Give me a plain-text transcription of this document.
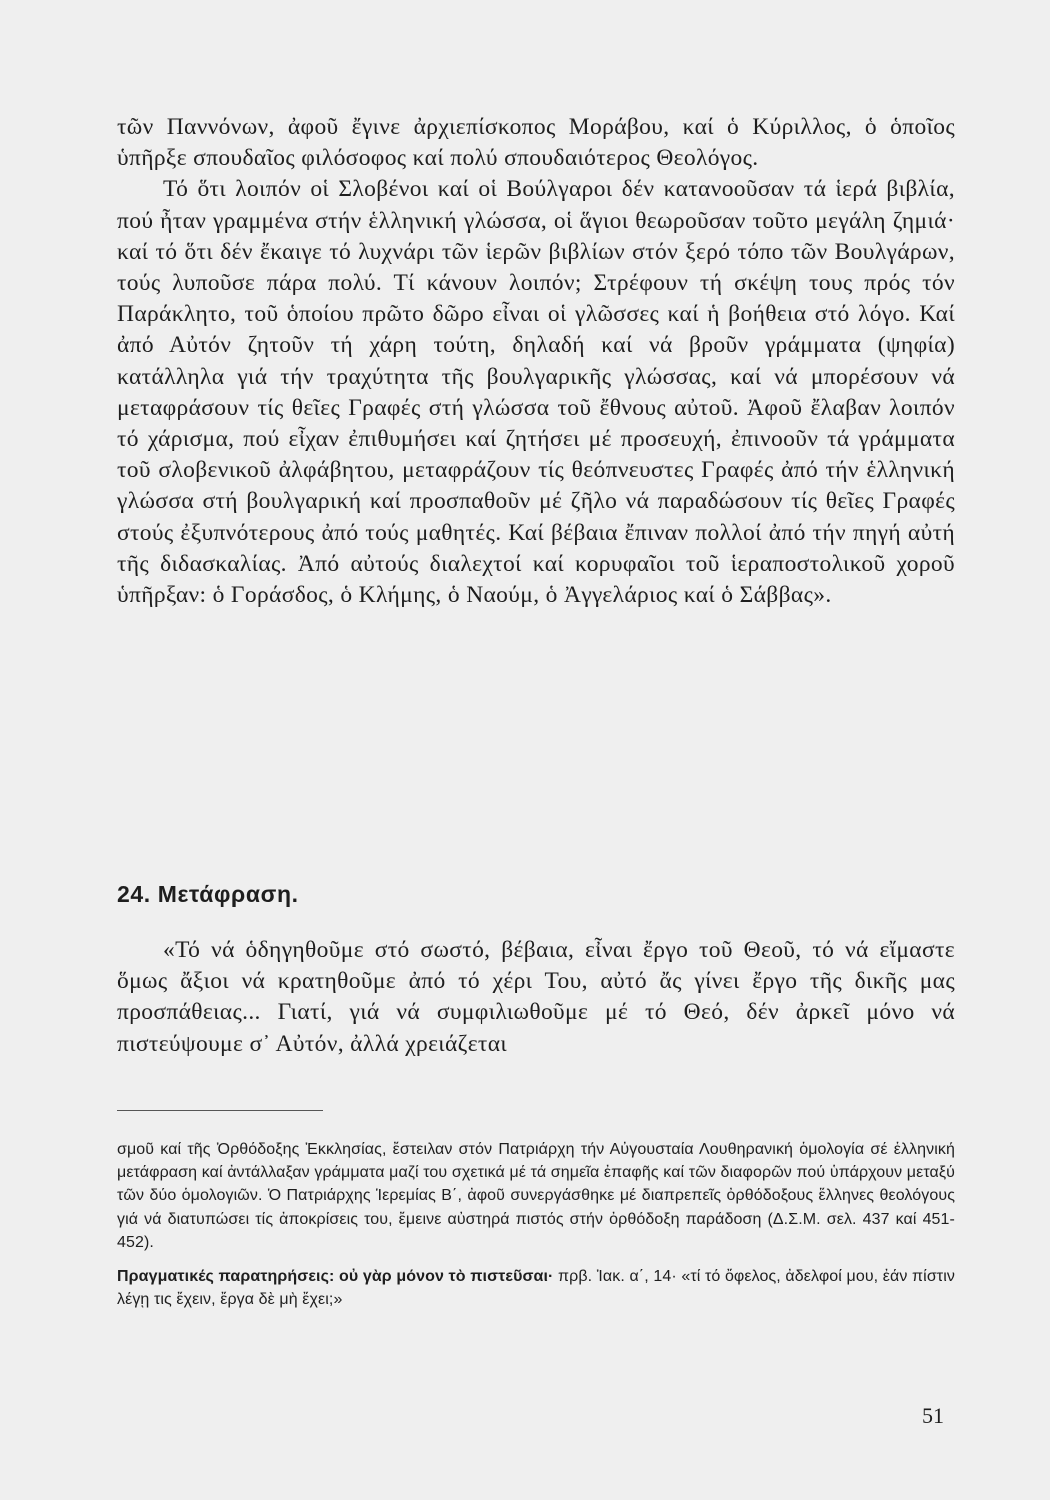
τῶν Παννόνων, ἀφοῦ ἔγινε ἀρχιεπίσκοπος Μοράβου, καί ὁ Κύριλλος, ὁ ὁποῖος ὑπῆρξε σπουδαῖος φιλόσοφος καί πολύ σπουδαιότερος Θεολόγος.

Τό ὅτι λοιπόν οἱ Σλοβένοι καί οἱ Βούλγαροι δέν κατανοοῦσαν τά ἱερά βιβλία, πού ἦταν γραμμένα στήν ἑλληνική γλώσσα, οἱ ἅγιοι θεωροῦσαν τοῦτο μεγάλη ζημιά· καί τό ὅτι δέν ἔκαιγε τό λυχνάρι τῶν ἱερῶν βιβλίων στόν ξερό τόπο τῶν Βουλγάρων, τούς λυποῦσε πάρα πολύ. Τί κάνουν λοιπόν; Στρέφουν τή σκέψη τους πρός τόν Παράκλητο, τοῦ ὁποίου πρῶτο δῶρο εἶναι οἱ γλῶσσες καί ἡ βοήθεια στό λόγο. Καί ἀπό Αὐτόν ζητοῦν τή χάρη τούτη, δηλαδή καί νά βροῦν γράμματα (ψηφία) κατάλληλα γιά τήν τραχύτητα τῆς βουλγαρικῆς γλώσσας, καί νά μπορέσουν νά μεταφράσουν τίς θεῖες Γραφές στή γλώσσα τοῦ ἔθνους αὐτοῦ. Ἀφοῦ ἔλαβαν λοιπόν τό χάρισμα, πού εἶχαν ἐπιθυμήσει καί ζητήσει μέ προσευχή, ἐπινοοῦν τά γράμματα τοῦ σλοβενικοῦ ἀλφάβητου, μεταφράζουν τίς θεόπνευστες Γραφές ἀπό τήν ἑλληνική γλώσσα στή βουλγαρική καί προσπαθοῦν μέ ζῆλο νά παραδώσουν τίς θεῖες Γραφές στούς ἐξυπνότερους ἀπό τούς μαθητές. Καί βέβαια ἔπιναν πολλοί ἀπό τήν πηγή αὐτή τῆς διδασκαλίας. Ἀπό αὐτούς διαλεχτοί καί κορυφαῖοι τοῦ ἱεραποστολικοῦ χοροῦ ὑπῆρξαν: ὁ Γοράσδος, ὁ Κλήμης, ὁ Ναούμ, ὁ Ἀγγελάριος καί ὁ Σάββας».

24. Μετάφραση.

«Τό νά ὁδηγηθοῦμε στό σωστό, βέβαια, εἶναι ἔργο τοῦ Θεοῦ, τό νά εἴμαστε ὅμως ἄξιοι νά κρατηθοῦμε ἀπό τό χέρι Του, αὐτό ἄς γίνει ἔργο τῆς δικῆς μας προσπάθειας... Γιατί, γιά νά συμφιλιωθοῦμε μέ τό Θεό, δέν ἀρκεῖ μόνο νά πιστεύψουμε σ᾿ Αὐτόν, ἀλλά χρειάζεται

σμοῦ καί τῆς Ὀρθόδοξης Ἐκκλησίας, ἔστειλαν στόν Πατριάρχη τήν Αὐγουσταία Λουθηρανική ὁμολογία σέ ἑλληνική μετάφραση καί ἀντάλλαξαν γράμματα μαζί του σχετικά μέ τά σημεῖα ἐπαφῆς καί τῶν διαφορῶν πού ὑπάρχουν μεταξύ τῶν δύο ὁμολογιῶν. Ὁ Πατριάρχης Ἱερεμίας Β΄, ἀφοῦ συνεργάσθηκε μέ διαπρεπεῖς ὀρθόδοξους ἕλληνες θεολόγους γιά νά διατυπώσει τίς ἀποκρίσεις του, ἔμεινε αὐστηρά πιστός στήν ὀρθόδοξη παράδοση (Δ.Σ.Μ. σελ. 437 καί 451-452).

Πραγματικές παρατηρήσεις: οὐ γὰρ μόνον τὸ πιστεῦσαι· πρβ. Ἰακ. α΄, 14· «τί τό ὄφελος, ἀδελφοί μου, ἐάν πίστιν λέγῃ τις ἔχειν, ἔργα δὲ μὴ ἔχει;»

51
